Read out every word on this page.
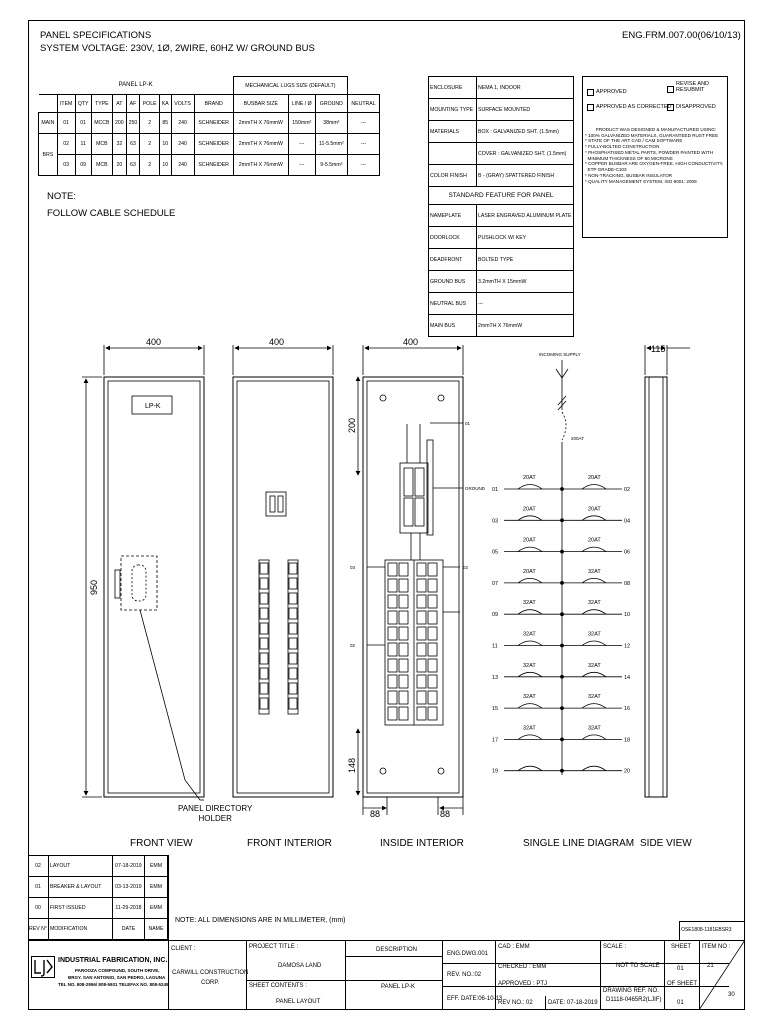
PANEL SPECIFICATIONS
SYSTEM VOLTAGE: 230V, 1Ø, 2WIRE, 60HZ W/ GROUND BUS
ENG.FRM.007.00(06/10/13)
PANEL LP-K										MECHANICAL LUGS SIZE (DEFAULT)			
	ITEM	QTY	TYPE	AT	AF	POLE	KA	VOLTS	BRAND	BUSBAR SIZE	LINE / Ø	GROUND	NEUTRAL
MAIN	01	01	MCCB	200	250	2	85	240	SCHNEIDER	2mmTH X 76mmW	150mm²	38mm²	---
BRS	02	11	MCB	32	63	2	10	240	SCHNEIDER	2mmTH X 76mmW	---	11-5.5mm²	---
	03	09	MCB	20	63	2	10	240	SCHNEIDER	2mmTH X 76mmW	---	9-5.5mm²	---
NOTE:
FOLLOW CABLE SCHEDULE
ENCLOSURE	NEMA 1, INDOOR
MOUNTING TYPE	SURFACE MOUNTED
MATERIALS	BOX : GALVANIZED SHT. (1.5mm)
	COVER : GALVANIZED SHT. (1.5mm)
COLOR FINISH	B - (GRAY) SPATTERED FINISH
STANDARD FEATURE FOR PANEL	
NAMEPLATE	LASER ENGRAVED ALUMINUM PLATE
DOORLOCK	PUSHLOCK W/ KEY
DEADFRONT	BOLTED TYPE
GROUND BUS	3.2mmTH X 15mmW
NEUTRAL BUS	---
MAIN BUS	2mmTH X 76mmW
APPROVED
APPROVED AS CORRECTED
REVISE AND
RESUBMIT
DISAPPROVED
PRODUCT WAS DESIGNED & MANUFACTURED USING:
* 100% GALVANIZED MATERIALS, GUARANTEED RUST FREE
* STATE OF THE ART CAD / CAM SOFTWARE
* FULLY-BOLTED CONSTRUCTION
* PHOSPHATISED METAL PARTS, POWDER PAINTED WITH
MINIMUM THICKNESS OF 80 MICRONS
* COPPER BUSBAR ARE OXYGEN-FREE, HIGH CONDUCTIVITY,
ETP GRADE-C103
* NON-TRACKING, BUSBAR INSULATOR
* QUALITY MANAGEMENT SYSTEM, ISO 9001: 2008
400	400	400
115
950
200
148
88	88
LP-K
GROUND
01
02
03
02
INCOMING SUPPLY
200AT
01	02
20AT	20AT
03	04
20AT	20AT
05	06
20AT	20AT
07	08
20AT	32AT
09	10
32AT	32AT
11	12
32AT	32AT
13	14
32AT	32AT
15	16
32AT	32AT
17	18
32AT	32AT
19	20
PANEL DIRECTORY
HOLDER
FRONT VIEW	FRONT INTERIOR	INSIDE INTERIOR	SINGLE LINE DIAGRAM SIDE VIEW
02	LAYOUT	07-18-2019	EMM
01	BREAKER & LAYOUT	03-13-2019	EMM
00	FIRST ISSUED	11-29-2018	EMM
REV N°	MODIFICATION	DATE	NAME
NOTE: ALL DIMENSIONS ARE IN MILLIMETER, (mm)
OSE1808-1181EBSR3
INDUSTRIAL FABRICATION, INC.
PAROOZA COMPOUND, SOUTH DRIVE,
BRGY. SAN ANTONIO, SAN PEDRO, LAGUNA
TEL NO. 808-2956/ 808-5931 TELEFAX NO. 808-5249
CLIENT :
CARWILL CONSTRUCTION
CORP.
PROJECT TITLE :
DAMOSA LAND
SHEET CONTENTS :
PANEL LAYOUT
DESCRIPTION
PANEL LP-K
ENG.DWG.001
REV. NO.:02
EFF. DATE:06-10-13
CAD : EMM
CHECKED : EMM
APPROVED : PTJ
REV NO.: 02	DATE: 07-18-2019
SCALE :
NOT TO SCALE
DRAWING REF. NO.
D1118-0465R2(LJIF)
SHEET
01
OF SHEET
01
ITEM NO :
21
30
